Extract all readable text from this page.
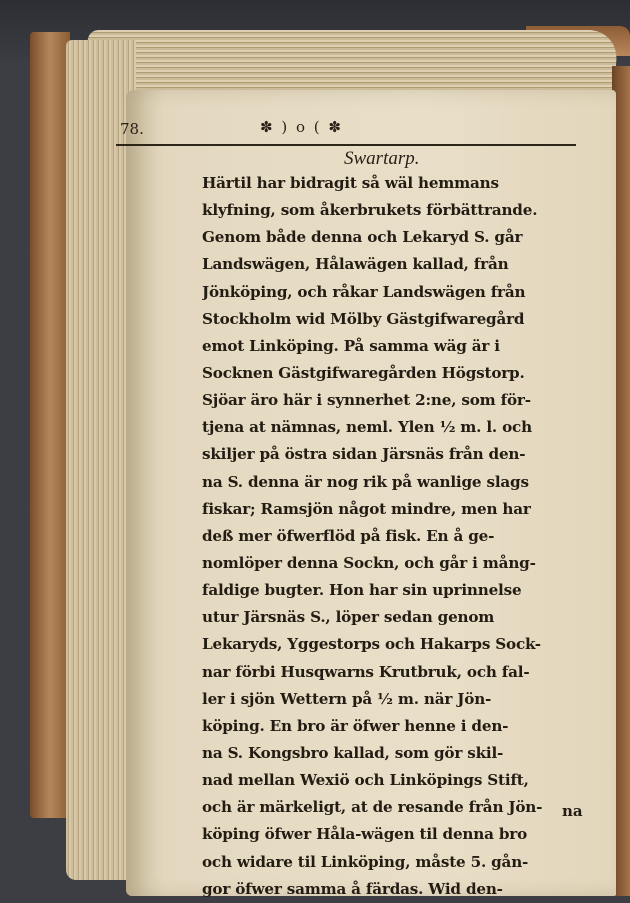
78.	✽ ) o ( ✽
Swartarp.
Härtil har bidragit så wäl hemmans
klyfning, som åkerbrukets förbättrande.
Genom både denna och Lekaryd S. går
Landswägen, Hålawägen kallad, från
Jönköping, och råkar Landswägen från
Stockholm wid Mölby Gästgifwaregård
emot Linköping. På samma wäg är i
Socknen Gästgifwaregården Högstorp.
Sjöar äro här i synnerhet 2:ne, som för-
tjena at nämnas, neml. Ylen ½ m. l. och
skiljer på östra sidan Järsnäs från den-
na S. denna är nog rik på wanlige slags
fiskar; Ramsjön något mindre, men har
deß mer öfwerflöd på fisk. En å ge-
nomlöper denna Sockn, och går i mång-
faldige bugter. Hon har sin uprinnelse
utur Järsnäs S., löper sedan genom
Lekaryds, Yggestorps och Hakarps Sock-
nar förbi Husqwarns Krutbruk, och fal-
ler i sjön Wettern på ½ m. när Jön-
köping. En bro är öfwer henne i den-
na S. Kongsbro kallad, som gör skil-
nad mellan Wexiö och Linköpings Stift,
och är märkeligt, at de resande från Jön-
köping öfwer Håla-wägen til denna bro
och widare til Linköping, måste 5. gån-
gor öfwer samma å färdas. Wid den-
na
